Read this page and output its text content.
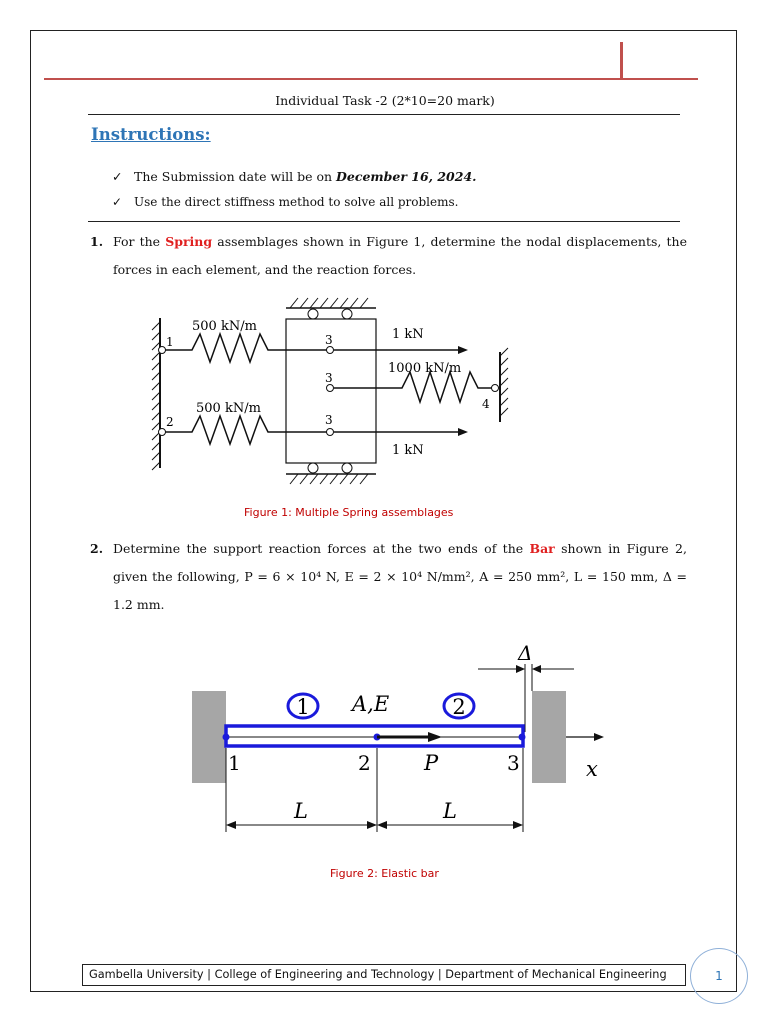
Individual Task -2 (2*10=20 mark)
Instructions:
✓ The Submission date will be on December 16, 2024.
✓ Use the direct stiffness method to solve all problems.
1. For the Spring assemblages shown in Figure 1, determine the nodal displacements, the forces in each element, and the reaction forces.
1
2
3
3
3
4
500 kN/m
500 kN/m
1000 kN/m
1 kN
1 kN
Figure 1: Multiple Spring assemblages
2. Determine the support reaction forces at the two ends of the Bar shown in Figure 2, given the following, P = 6 × 10⁴ N, E = 2 × 10⁴ N/mm², A = 250 mm², L = 150 mm, Δ = 1.2 mm.
Δ
1	2
A,E
1	2	3
P	x
L	L
Figure 2: Elastic bar
Gambella University | College of Engineering and Technology | Department of Mechanical Engineering	1
